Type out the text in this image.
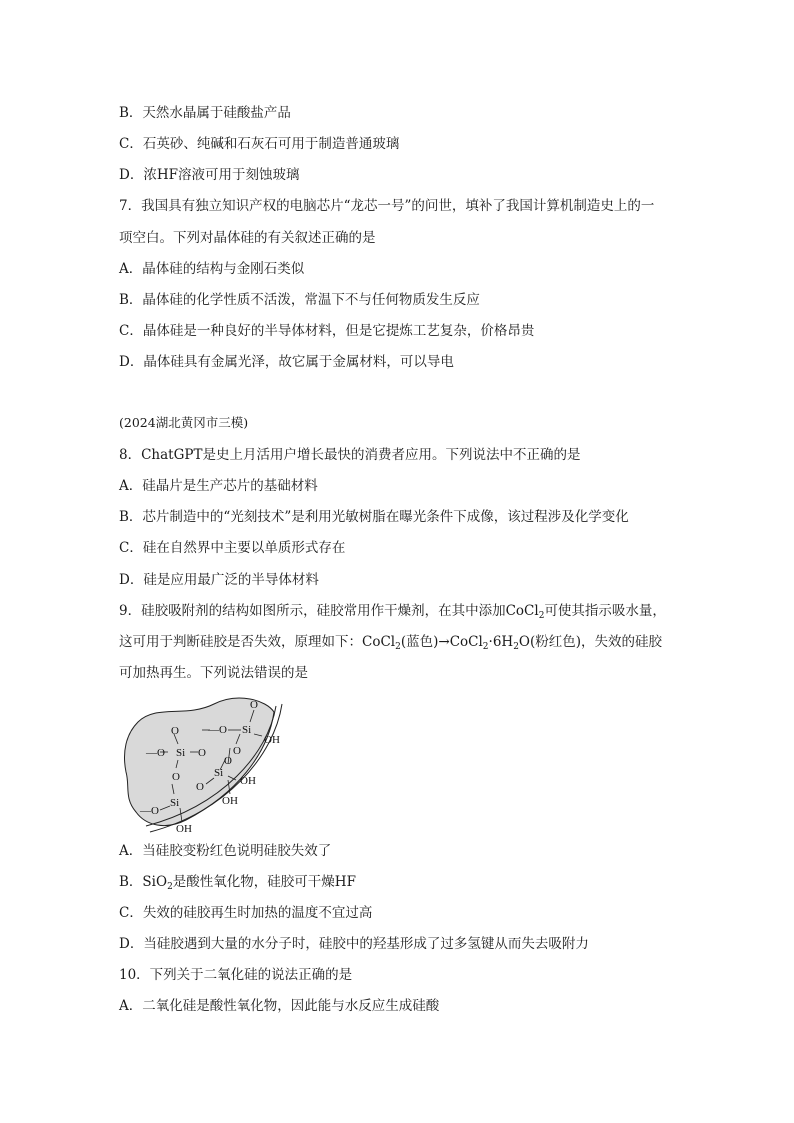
B．天然水晶属于硅酸盐产品
C．石英砂、纯碱和石灰石可用于制造普通玻璃
D．浓HF溶液可用于刻蚀玻璃
7．我国具有独立知识产权的电脑芯片“龙芯一号”的问世，填补了我国计算机制造史上的一
项空白。下列对晶体硅的有关叙述正确的是
A．晶体硅的结构与金刚石类似
B．晶体硅的化学性质不活泼，常温下不与任何物质发生反应
C．晶体硅是一种良好的半导体材料，但是它提炼工艺复杂，价格昂贵
D．晶体硅具有金属光泽，故它属于金属材料，可以导电
(2024湖北黄冈市三模)
8．ChatGPT是史上月活用户增长最快的消费者应用。下列说法中不正确的是
A．硅晶片是生产芯片的基础材料
B．芯片制造中的“光刻技术”是利用光敏树脂在曝光条件下成像，该过程涉及化学变化
C．硅在自然界中主要以单质形式存在
D．硅是应用最广泛的半导体材料
9．硅胶吸附剂的结构如图所示，硅胶常用作干燥剂，在其中添加CoCl$_2$可使其指示吸水量，
这可用于判断硅胶是否失效，原理如下：CoCl$_2$(蓝色)$\to CoCl_2\cdot 6H_2O$(粉红色)，失效的硅胶
可加热再生。下列说法错误的是
O
—O Si
OH
O
O
—O Si O
O
O
Si
OH
O
OH
—O
Si
OH
A．当硅胶变粉红色说明硅胶失效了
B．SiO$_2$是酸性氧化物，硅胶可干燥HF
C．失效的硅胶再生时加热的温度不宜过高
D．当硅胶遇到大量的水分子时，硅胶中的羟基形成了过多氢键从而失去吸附力
10．下列关于二氧化硅的说法正确的是
A．二氧化硅是酸性氧化物，因此能与水反应生成硅酸
